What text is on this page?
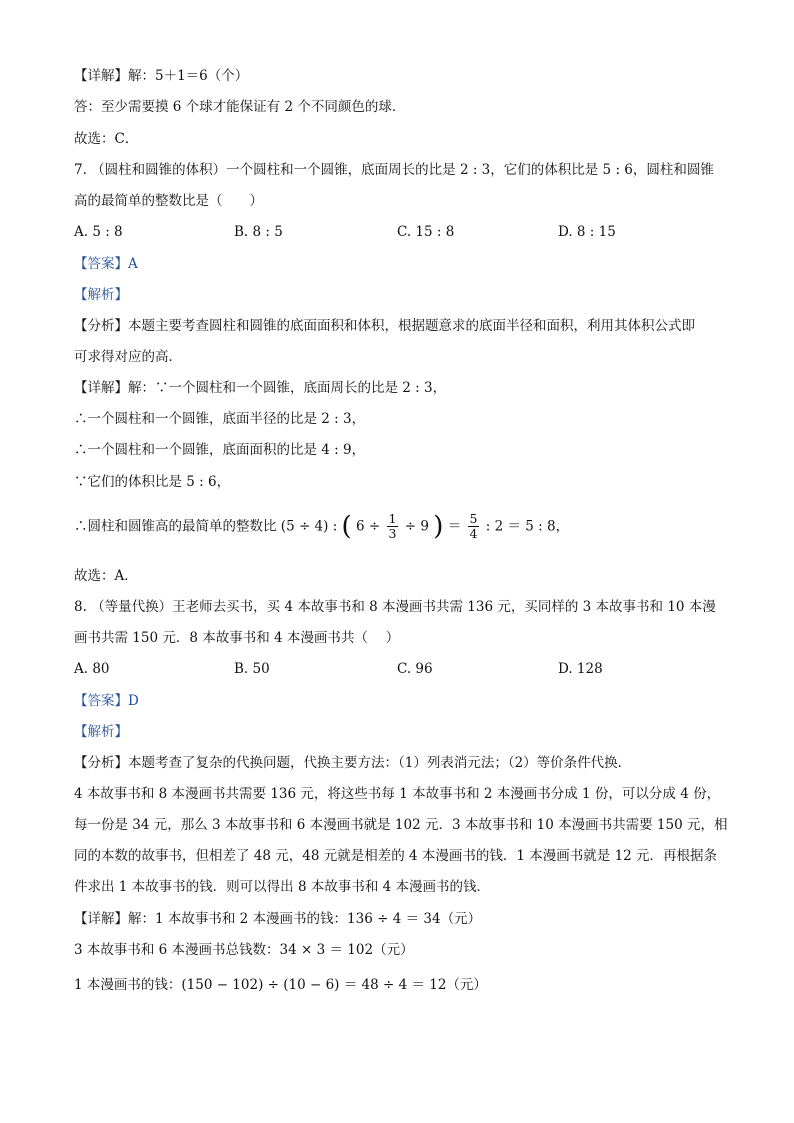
【详解】解：5＋1＝6（个）
答：至少需要摸 6 个球才能保证有 2 个不同颜色的球．
故选：C．
7. （圆柱和圆锥的体积）一个圆柱和一个圆锥，底面周长的比是 2 : 3，它们的体积比是 5 : 6，圆柱和圆锥
高的最简单的整数比是（　　）
A. 5 : 8	B. 8 : 5	C. 15 : 8	D. 8 : 15
【答案】A
【解析】
【分析】本题主要考查圆柱和圆锥的底面面积和体积，根据题意求的底面半径和面积，利用其体积公式即
可求得对应的高．
【详解】解：∵一个圆柱和一个圆锥，底面周长的比是 2 : 3，
∴一个圆柱和一个圆锥，底面半径的比是 2 : 3，
∴一个圆柱和一个圆锥，底面面积的比是 4 : 9，
∵它们的体积比是 5 : 6，
∴圆柱和圆锥高的最简单的整数比 (5 ÷ 4) : ( $6 \div \frac{1}{3} \div 9$ ) ＝ $\frac{5}{4}$ : 2 ＝ 5 : 8，
故选：A．
8. （等量代换）王老师去买书，买 4 本故事书和 8 本漫画书共需 136 元，买同样的 3 本故事书和 10 本漫
画书共需 150 元．8 本故事书和 4 本漫画书共（　 ）
A. 80	B. 50	C. 96	D. 128
【答案】D
【解析】
【分析】本题考查了复杂的代换问题，代换主要方法：（1）列表消元法；（2）等价条件代换．
4 本故事书和 8 本漫画书共需要 136 元，将这些书每 1 本故事书和 2 本漫画书分成 1 份，可以分成 4 份，
每一份是 34 元，那么 3 本故事书和 6 本漫画书就是 102 元．3 本故事书和 10 本漫画书共需要 150 元，相
同的本数的故事书，但相差了 48 元，48 元就是相差的 4 本漫画书的钱．1 本漫画书就是 12 元．再根据条
件求出 1 本故事书的钱．则可以得出 8 本故事书和 4 本漫画书的钱．
【详解】解：1 本故事书和 2 本漫画书的钱：136 ÷ 4 ＝ 34（元）
3 本故事书和 6 本漫画书总钱数：34 × 3 ＝ 102（元）
1 本漫画书的钱：(150 − 102) ÷ (10 − 6) ＝ 48 ÷ 4 ＝ 12（元）
